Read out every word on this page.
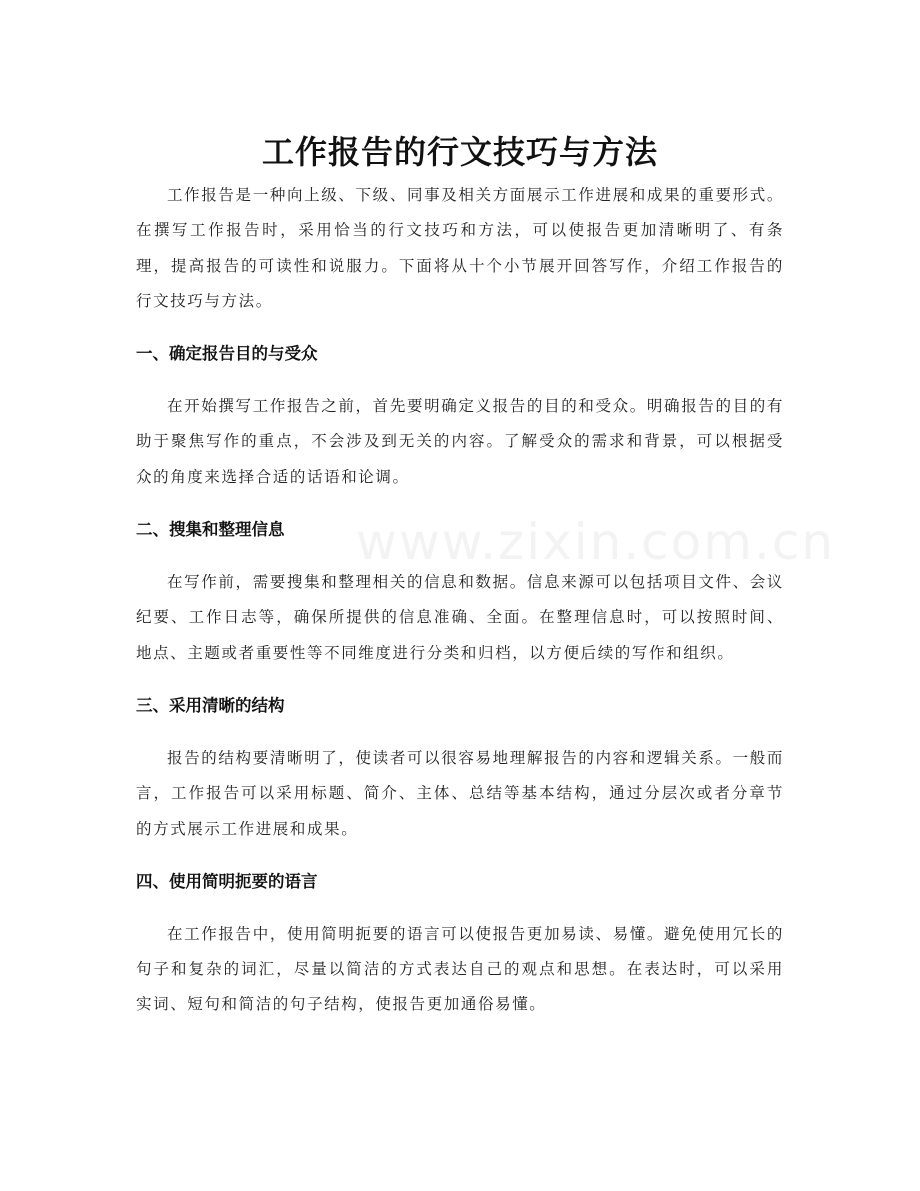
www.zixin.com.cn
工作报告的行文技巧与方法

工作报告是一种向上级、下级、同事及相关方面展示工作进展和成果的重要形式。在撰写工作报告时，采用恰当的行文技巧和方法，可以使报告更加清晰明了、有条理，提高报告的可读性和说服力。下面将从十个小节展开回答写作，介绍工作报告的行文技巧与方法。

一、确定报告目的与受众

在开始撰写工作报告之前，首先要明确定义报告的目的和受众。明确报告的目的有助于聚焦写作的重点，不会涉及到无关的内容。了解受众的需求和背景，可以根据受众的角度来选择合适的话语和论调。

二、搜集和整理信息

在写作前，需要搜集和整理相关的信息和数据。信息来源可以包括项目文件、会议纪要、工作日志等，确保所提供的信息准确、全面。在整理信息时，可以按照时间、地点、主题或者重要性等不同维度进行分类和归档，以方便后续的写作和组织。

三、采用清晰的结构

报告的结构要清晰明了，使读者可以很容易地理解报告的内容和逻辑关系。一般而言，工作报告可以采用标题、简介、主体、总结等基本结构，通过分层次或者分章节的方式展示工作进展和成果。

四、使用简明扼要的语言

在工作报告中，使用简明扼要的语言可以使报告更加易读、易懂。避免使用冗长的句子和复杂的词汇，尽量以简洁的方式表达自己的观点和思想。在表达时，可以采用实词、短句和简洁的句子结构，使报告更加通俗易懂。
